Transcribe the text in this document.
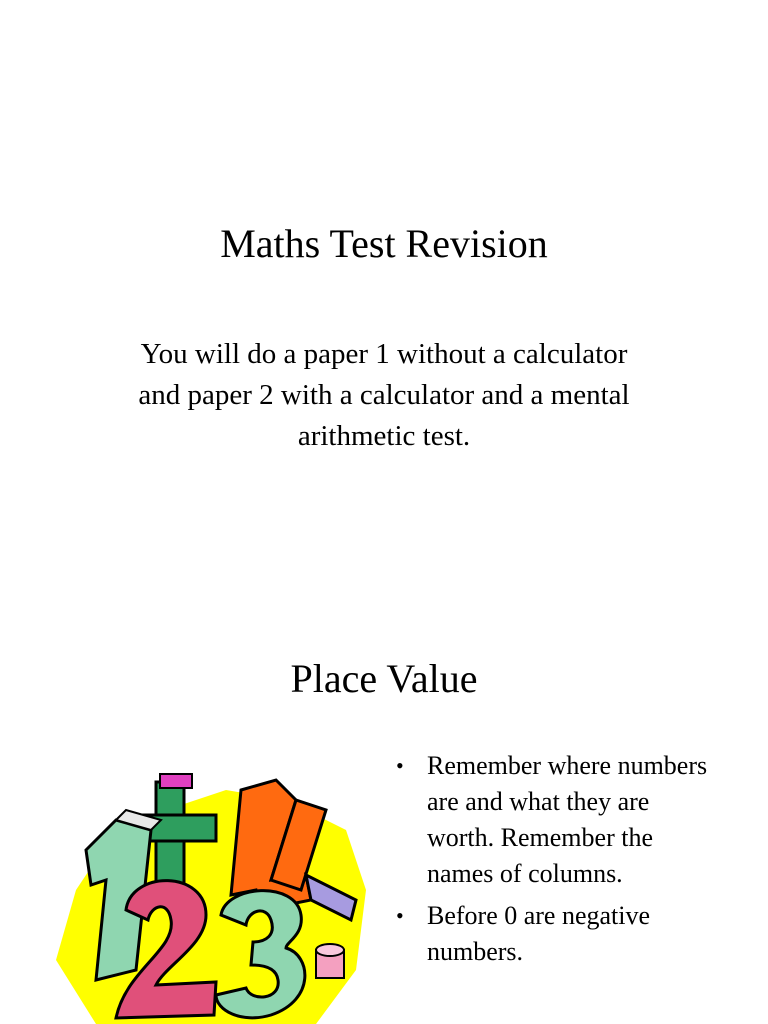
Maths Test Revision

You will do a paper 1 without a calculator and paper 2 with a calculator and a mental arithmetic test.

Place Value
• Remember where numbers are and what they are worth. Remember the names of columns.
• Before 0 are negative numbers.
